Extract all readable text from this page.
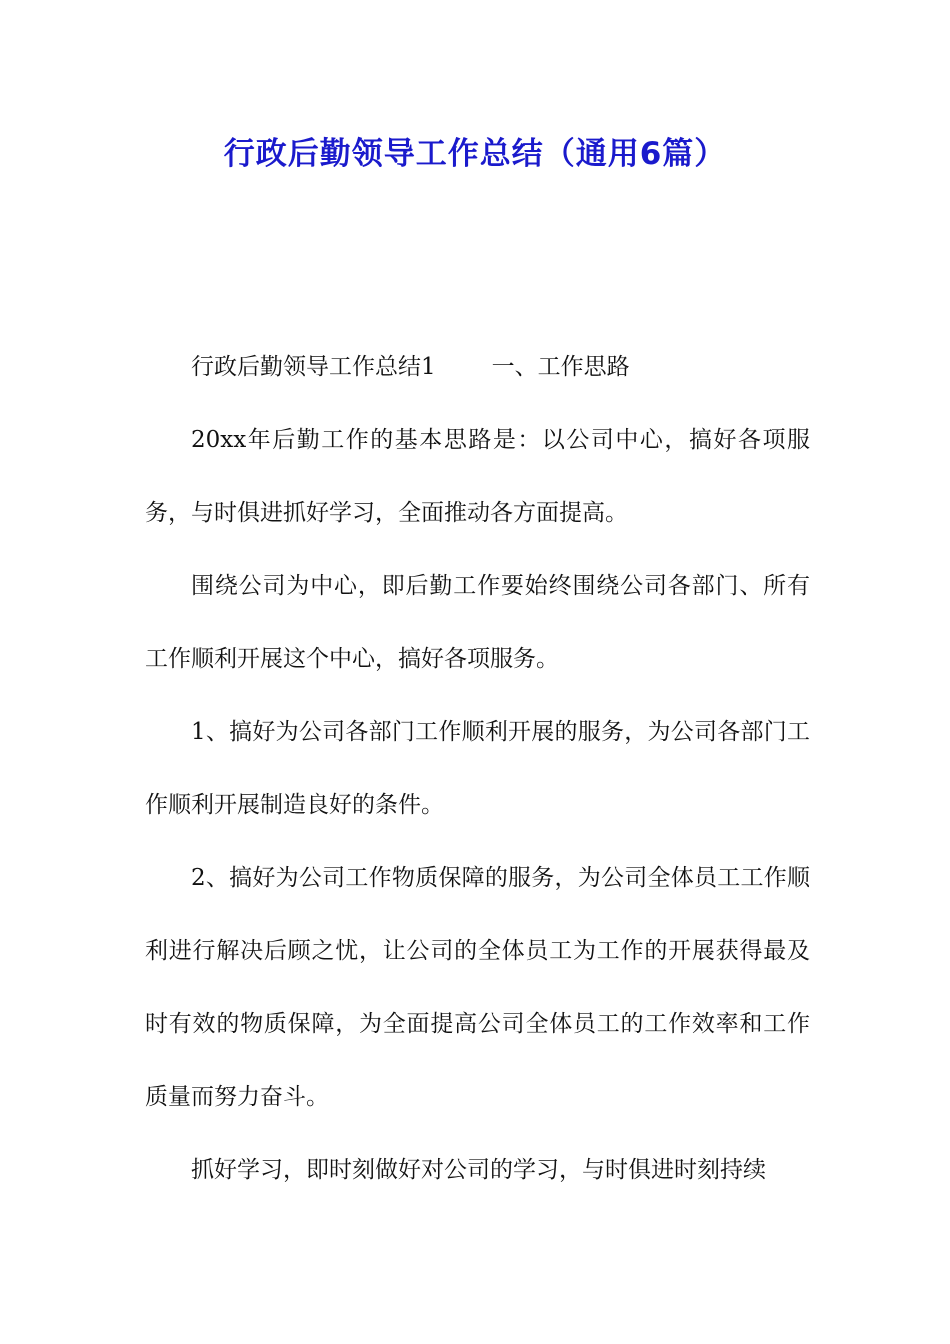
行政后勤领导工作总结（通用6篇）

行政后勤领导工作总结1 一、工作思路

20xx年后勤工作的基本思路是：以公司中心，搞好各项服务，与时俱进抓好学习，全面推动各方面提高。

围绕公司为中心，即后勤工作要始终围绕公司各部门、所有工作顺利开展这个中心，搞好各项服务。

1、搞好为公司各部门工作顺利开展的服务，为公司各部门工作顺利开展制造良好的条件。

2、搞好为公司工作物质保障的服务，为公司全体员工工作顺利进行解决后顾之忧，让公司的全体员工为工作的开展获得最及时有效的物质保障，为全面提高公司全体员工的工作效率和工作质量而努力奋斗。

抓好学习，即时刻做好对公司的学习，与时俱进时刻持续
